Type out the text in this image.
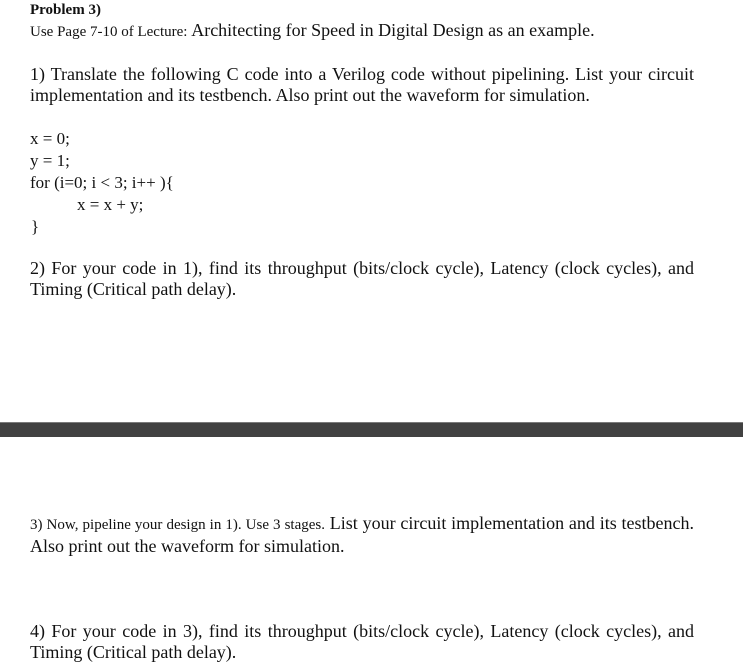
Problem 3)
Use Page 7-10 of Lecture: Architecting for Speed in Digital Design as an example.
1) Translate the following C code into a Verilog code without pipelining. List your circuit implementation and its testbench. Also print out the waveform for simulation.
x = 0;
y = 1;
for (i=0; i < 3; i++ ){
x = x + y;
}
2) For your code in 1), find its throughput (bits/clock cycle), Latency (clock cycles), and Timing (Critical path delay).
3) Now, pipeline your design in 1). Use 3 stages. List your circuit implementation and its testbench. Also print out the waveform for simulation.
4) For your code in 3), find its throughput (bits/clock cycle), Latency (clock cycles), and Timing (Critical path delay).
